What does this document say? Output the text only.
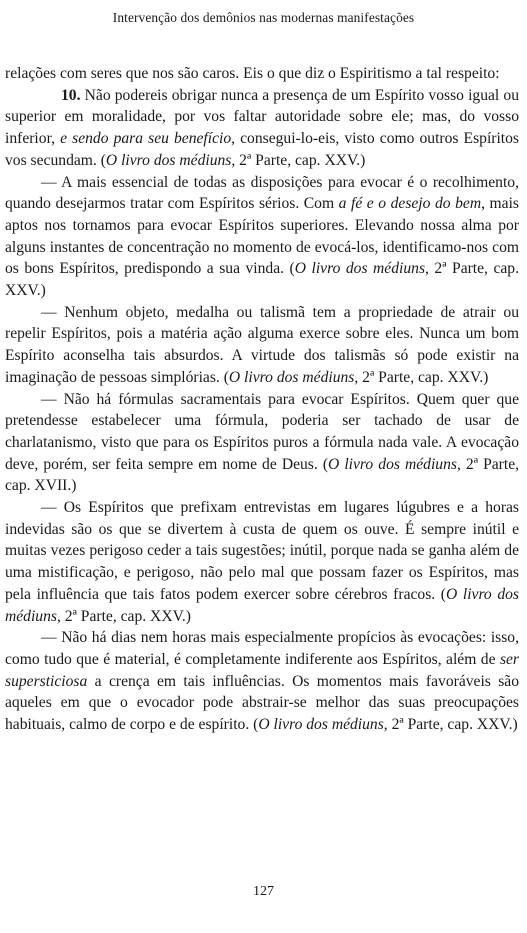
Intervenção dos demônios nas modernas manifestações

relações com seres que nos são caros. Eis o que diz o Espiritismo a tal respeito:

10. Não podereis obrigar nunca a presença de um Espírito vosso igual ou superior em moralidade, por vos faltar autoridade sobre ele; mas, do vosso inferior, e sendo para seu benefício, consegui-lo-eis, visto como outros Espíritos vos secundam. (O livro dos médiuns, 2ª Parte, cap. XXV.)

— A mais essencial de todas as disposições para evocar é o recolhimento, quando desejarmos tratar com Espíritos sérios. Com a fé e o desejo do bem, mais aptos nos tornamos para evocar Espíritos superiores. Elevando nossa alma por alguns instantes de concentração no momento de evocá-los, identificamo-nos com os bons Espíritos, predispondo a sua vinda. (O livro dos médiuns, 2ª Parte, cap. XXV.)

— Nenhum objeto, medalha ou talismã tem a propriedade de atrair ou repelir Espíritos, pois a matéria ação alguma exerce sobre eles. Nunca um bom Espírito aconselha tais absurdos. A virtude dos talismãs só pode existir na imaginação de pessoas simplórias. (O livro dos médiuns, 2ª Parte, cap. XXV.)

— Não há fórmulas sacramentais para evocar Espíritos. Quem quer que pretendesse estabelecer uma fórmula, poderia ser tachado de usar de charlatanismo, visto que para os Espíritos puros a fórmula nada vale. A evocação deve, porém, ser feita sempre em nome de Deus. (O livro dos médiuns, 2ª Parte, cap. XVII.)

— Os Espíritos que prefixam entrevistas em lugares lúgubres e a horas indevidas são os que se divertem à custa de quem os ouve. É sempre inútil e muitas vezes perigoso ceder a tais sugestões; inútil, porque nada se ganha além de uma mistificação, e perigoso, não pelo mal que possam fazer os Espíritos, mas pela influência que tais fatos podem exercer sobre cérebros fracos. (O livro dos médiuns, 2ª Parte, cap. XXV.)

— Não há dias nem horas mais especialmente propícios às evocações: isso, como tudo que é material, é completamente indiferente aos Espíritos, além de ser supersticiosa a crença em tais influências. Os momentos mais favoráveis são aqueles em que o evocador pode abstrair-se melhor das suas preocupações habituais, calmo de corpo e de espírito. (O livro dos médiuns, 2ª Parte, cap. XXV.)

127
